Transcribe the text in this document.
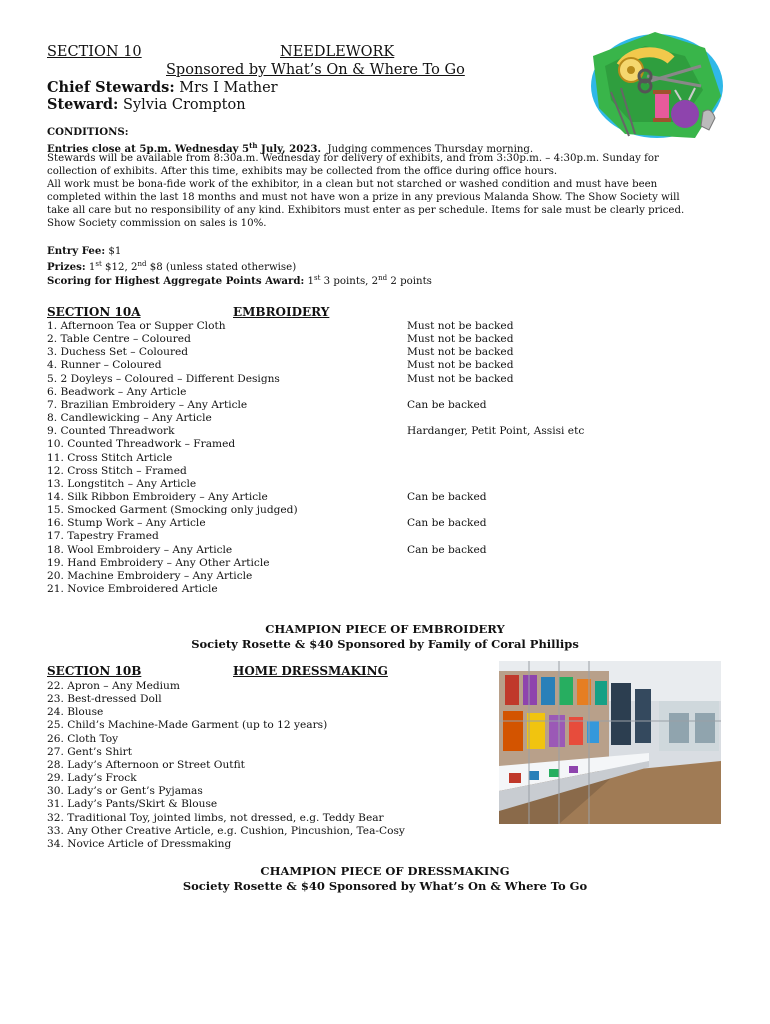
SECTION 10	NEEDLEWORK
Sponsored by What’s On & Where To Go
Chief Stewards: Mrs I Mather
Steward: Sylvia Crompton
CONDITIONS:
Entries close at 5p.m. Wednesday 5th July, 2023. Judging commences Thursday morning.
Stewards will be available from 8:30a.m. Wednesday for delivery of exhibits, and from 3:30p.m. – 4:30p.m. Sunday for
collection of exhibits. After this time, exhibits may be collected from the office during office hours.
All work must be bona-fide work of the exhibitor, in a clean but not starched or washed condition and must have been
completed within the last 18 months and must not have won a prize in any previous Malanda Show. The Show Society will
take all care but no responsibility of any kind. Exhibitors must enter as per schedule. Items for sale must be clearly priced.
Show Society commission on sales is 10%.
Entry Fee: $1
Prizes: 1st $12, 2nd $8 (unless stated otherwise)
Scoring for Highest Aggregate Points Award: 1st 3 points, 2nd 2 points
SECTION 10A	EMBROIDERY
1. Afternoon Tea or Supper Cloth	Must not be backed
2. Table Centre – Coloured	Must not be backed
3. Duchess Set – Coloured	Must not be backed
4. Runner – Coloured	Must not be backed
5. 2 Doyleys – Coloured – Different Designs	Must not be backed
6. Beadwork – Any Article
7. Brazilian Embroidery – Any Article	Can be backed
8. Candlewicking – Any Article
9. Counted Threadwork	Hardanger, Petit Point, Assisi etc
10. Counted Threadwork – Framed
11. Cross Stitch Article
12. Cross Stitch – Framed
13. Longstitch – Any Article
14. Silk Ribbon Embroidery – Any Article	Can be backed
15. Smocked Garment (Smocking only judged)
16. Stump Work – Any Article	Can be backed
17. Tapestry Framed
18. Wool Embroidery – Any Article	Can be backed
19. Hand Embroidery – Any Other Article
20. Machine Embroidery – Any Article
21. Novice Embroidered Article
CHAMPION PIECE OF EMBROIDERY
Society Rosette & $40 Sponsored by Family of Coral Phillips
SECTION 10B	HOME DRESSMAKING
22. Apron – Any Medium
23. Best-dressed Doll
24. Blouse
25. Child’s Machine-Made Garment (up to 12 years)
26. Cloth Toy
27. Gent’s Shirt
28. Lady’s Afternoon or Street Outfit
29. Lady’s Frock
30. Lady’s or Gent’s Pyjamas
31. Lady’s Pants/Skirt & Blouse
32. Traditional Toy, jointed limbs, not dressed, e.g. Teddy Bear
33. Any Other Creative Article, e.g. Cushion, Pincushion, Tea-Cosy
34. Novice Article of Dressmaking
CHAMPION PIECE OF DRESSMAKING
Society Rosette & $40 Sponsored by What’s On & Where To Go
